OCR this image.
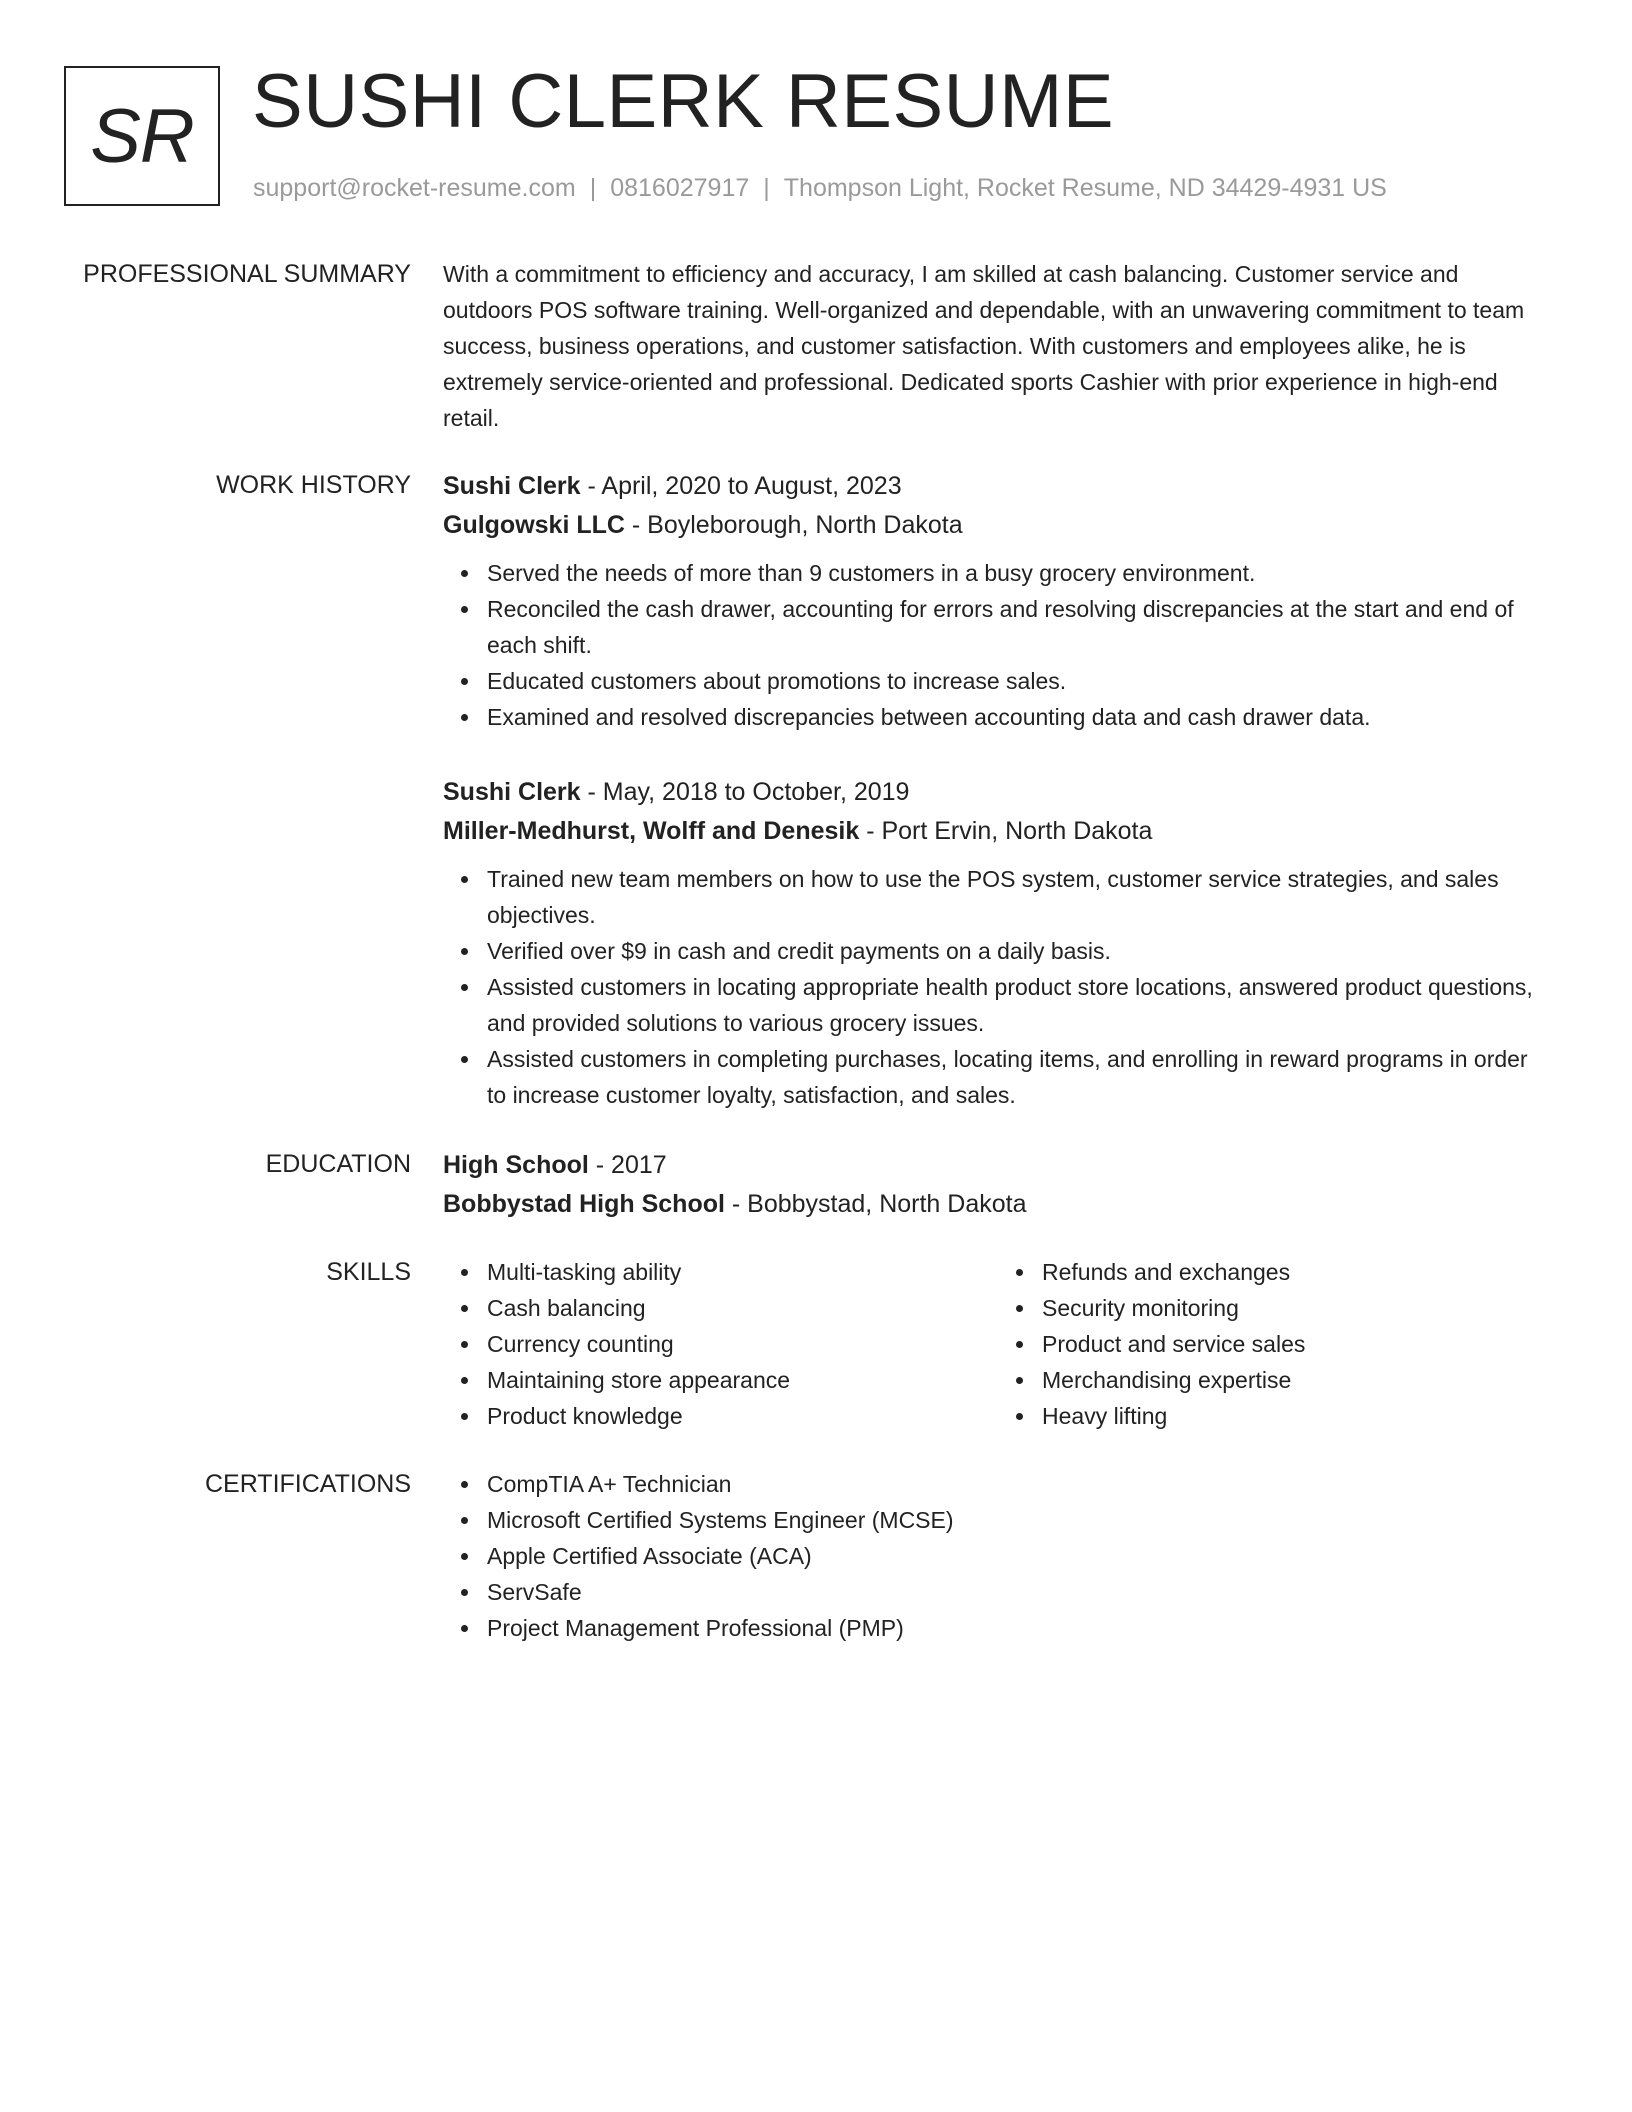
SR SUSHI CLERK RESUME
support@rocket-resume.com | 0816027917 | Thompson Light, Rocket Resume, ND 34429-4931 US
PROFESSIONAL SUMMARY With a commitment to efficiency and accuracy, I am skilled at cash balancing. Customer service and outdoors POS software training. Well-organized and dependable, with an unwavering commitment to team success, business operations, and customer satisfaction. With customers and employees alike, he is extremely service-oriented and professional. Dedicated sports Cashier with prior experience in high-end retail.

WORK HISTORY Sushi Clerk - April, 2020 to August, 2023
Gulgowski LLC - Boyleborough, North Dakota
Served the needs of more than 9 customers in a busy grocery environment.
Reconciled the cash drawer, accounting for errors and resolving discrepancies at the start and end of each shift.
Educated customers about promotions to increase sales.
Examined and resolved discrepancies between accounting data and cash drawer data.
Sushi Clerk - May, 2018 to October, 2019
Miller-Medhurst, Wolff and Denesik - Port Ervin, North Dakota
Trained new team members on how to use the POS system, customer service strategies, and sales objectives.
Verified over $9 in cash and credit payments on a daily basis.
Assisted customers in locating appropriate health product store locations, answered product questions, and provided solutions to various grocery issues.
Assisted customers in completing purchases, locating items, and enrolling in reward programs in order to increase customer loyalty, satisfaction, and sales.
EDUCATION High School - 2017
Bobbystad High School - Bobbystad, North Dakota
SKILLS	Multi-tasking ability
Cash balancing
Currency counting
Maintaining store appearance
Product knowledge
Refunds and exchanges
Security monitoring
Product and service sales
Merchandising expertise
Heavy lifting
CERTIFICATIONS	CompTIA A+ Technician
Microsoft Certified Systems Engineer (MCSE)
Apple Certified Associate (ACA)
ServSafe
Project Management Professional (PMP)
